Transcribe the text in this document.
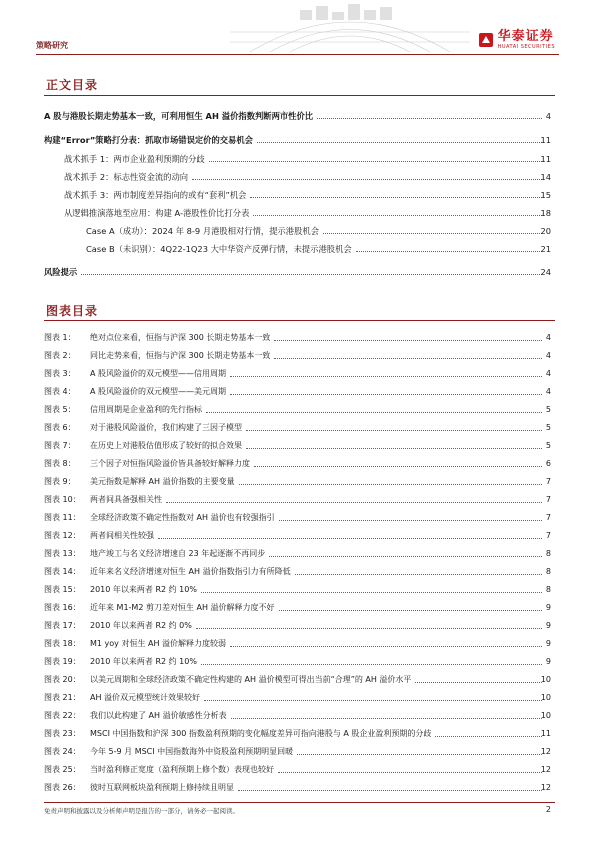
策略研究
华泰证券
HUATAI SECURITIES
正文目录
A 股与港股长期走势基本一致，可利用恒生 AH 溢价指数判断两市性价比	4
构建“Error”策略打分表：抓取市场错误定价的交易机会	11
战术抓手 1：两市企业盈利预期的分歧	11
战术抓手 2：标志性资金流的动向	14
战术抓手 3：两市制度差异指向的或有“套利”机会	15
从逻辑推演落地至应用：构建 A-港股性价比打分表	18
Case A（成功）：2024 年 8-9 月港股相对行情，提示港股机会	20
Case B（未识别）：4Q22-1Q23 大中华资产反弹行情，未提示港股机会	21
风险提示	24
图表目录
图表 1： 绝对点位来看，恒指与沪深 300 长期走势基本一致	4
图表 2： 同比走势来看，恒指与沪深 300 长期走势基本一致	4
图表 3： A 股风险溢价的双元模型——信用周期	4
图表 4： A 股风险溢价的双元模型——美元周期	4
图表 5： 信用周期是企业盈利的先行指标	5
图表 6： 对于港股风险溢价，我们构建了三因子模型	5
图表 7： 在历史上对港股估值形成了较好的拟合效果	5
图表 8： 三个因子对恒指风险溢价皆具备较好解释力度	6
图表 9： 美元指数是解释 AH 溢价指数的主要变量	7
图表 10： 两者间具备强相关性	7
图表 11： 全球经济政策不确定性指数对 AH 溢价也有较强指引	7
图表 12： 两者间相关性较强	7
图表 13： 地产竣工与名义经济增速自 23 年起逐渐不再同步	8
图表 14： 近年来名义经济增速对恒生 AH 溢价指数指引力有所降低	8
图表 15： 2010 年以来两者 R2 约 10%	8
图表 16： 近年来 M1-M2 剪刀差对恒生 AH 溢价解释力度不好	9
图表 17： 2010 年以来两者 R2 约 0%	9
图表 18： M1 yoy 对恒生 AH 溢价解释力度较弱	9
图表 19： 2010 年以来两者 R2 约 10%	9
图表 20： 以美元周期和全球经济政策不确定性构建的 AH 溢价模型可得出当前“合理”的 AH 溢价水平	10
图表 21： AH 溢价双元模型统计效果较好	10
图表 22： 我们以此构建了 AH 溢价敏感性分析表	10
图表 23： MSCI 中国指数和沪深 300 指数盈利预期的变化幅度差异可指向港股与 A 股企业盈利预期的分歧	11
图表 24： 今年 5-9 月 MSCI 中国指数海外中资股盈利预期明显回暖	12
图表 25： 当时盈利修正宽度（盈利预期上修个数）表现也较好	12
图表 26： 彼时互联网板块盈利预期上修持续且明显	12
免责声明和披露以及分析师声明是报告的一部分，请务必一起阅读。	2
